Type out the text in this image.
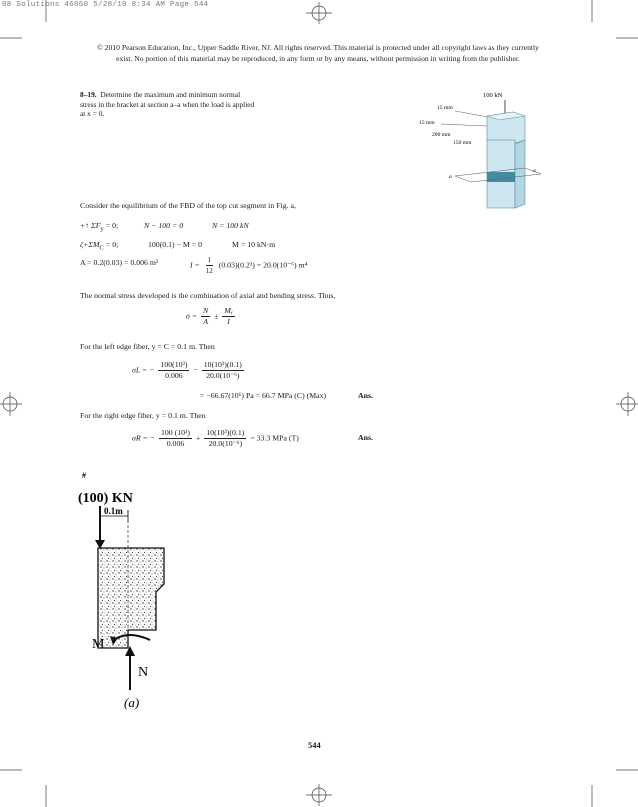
08 Solutions 46060 5/28/10 8:34 AM Page 544
© 2010 Pearson Education, Inc., Upper Saddle River, NJ. All rights reserved. This material is protected under all copyright laws as they currently
exist. No portion of this material may be reproduced, in any form or by any means, without permission in writing from the publisher.
8–19. Determine the maximum and minimum normal
stress in the bracket at section a–a when the load is applied
at x = 0.
100 kN
15 mm
15 mm
200 mm
150 mm
a
a
Consider the equilibrium of the FBD of the top cut segment in Fig. a,
+↑ $\Sigma F_y = 0$;	N − 100 = 0	N = 100 kN
$\zeta+\Sigma M_C = 0$;	100(0.1) − M = 0	M = 10 kN·m
A = 0.2(0.03) = 0.006 m²	$I = \frac{1}{12} (0.03)(0.2^3) = 20.0(10^{-6})$ m⁴
The normal stress developed is the combination of axial and bending stress. Thus,
$\sigma = \frac{N}{A} \pm \frac{\text{Mᵧ}}{I}$
For the left edge fiber, y = C = 0.1 m. Then
σL = − $\frac{\text{100(10³)}}{0.006} - \frac{\text{10(10³)(0.1)}}{\text{20.0(10⁻⁶)}}$
= −66.67(10⁶) Pa = 66.7 MPa (C) (Max)	Ans.
For the right edge fiber, y = 0.1 m. Then
σR = − $\frac{\text{100 (10³)}}{0.006} + \frac{\text{10(10³)(0.1)}}{\text{20.0(10⁻⁶)}} = 33.3$ MPa (T)	Ans.
#
(100) KN
0.1m
M
N
(a)
544
